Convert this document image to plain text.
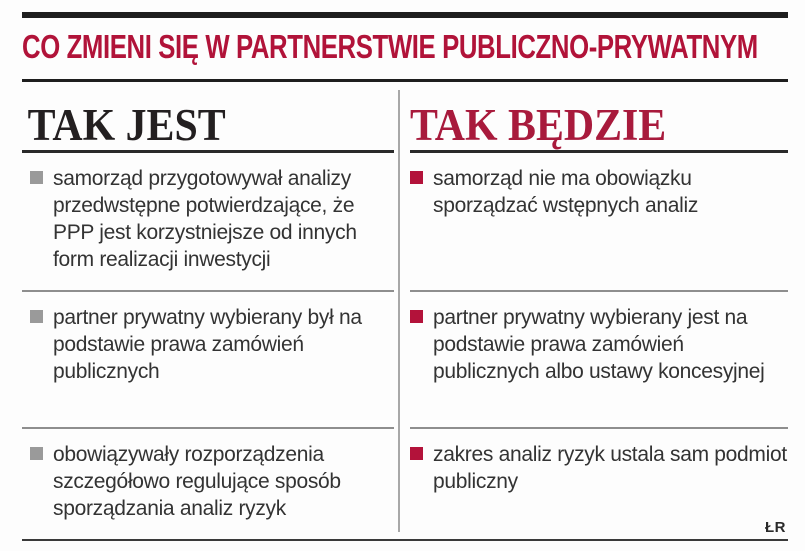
CO ZMIENI SIĘ W PARTNERSTWIE PUBLICZNO-PRYWATNYM
TAK JEST	TAK BĘDZIE
samorząd przygotowywał analizy przedwstępne potwierdzające, że PPP jest korzystniejsze od innych form realizacji inwestycji
samorząd nie ma obowiązku sporządzać wstępnych analiz
partner prywatny wybierany był na podstawie prawa zamówień publicznych
partner prywatny wybierany jest na podstawie prawa zamówień publicznych albo ustawy koncesyjnej
obowiązywały rozporządzenia szczegółowo regulujące sposób sporządzania analiz ryzyk
zakres analiz ryzyk ustala sam podmiot publiczny
ŁR
